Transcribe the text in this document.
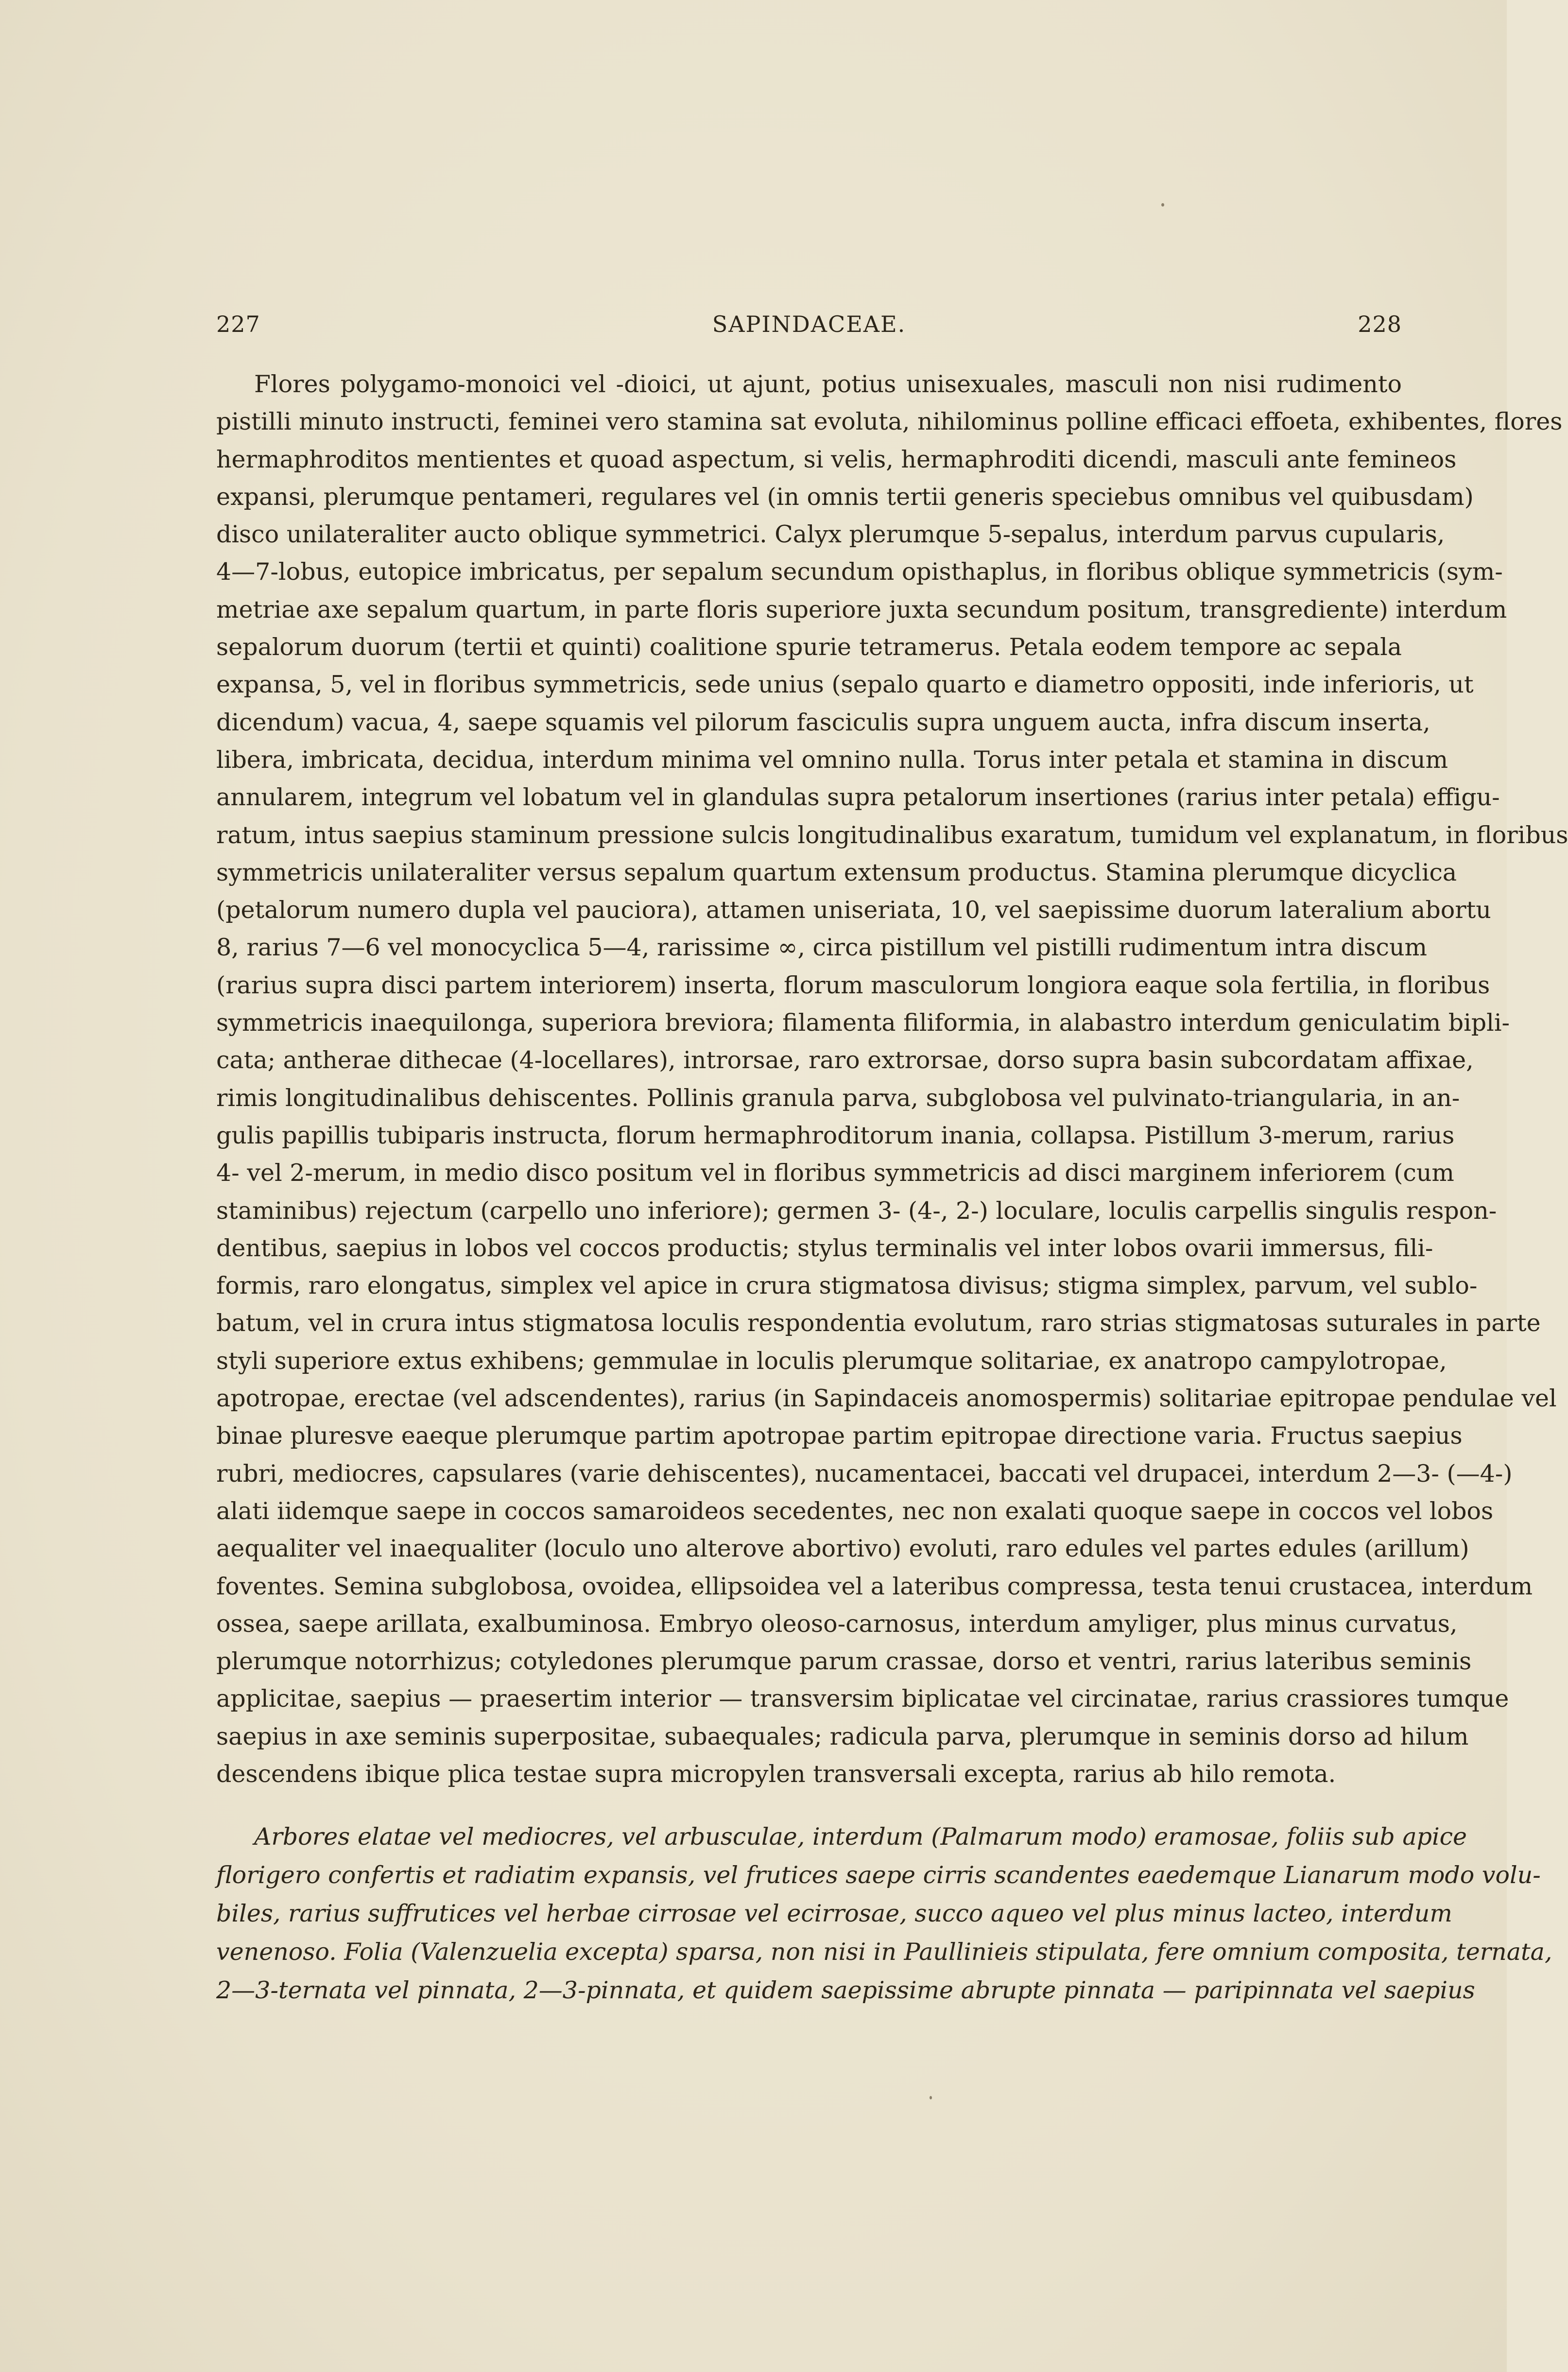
227	SAPINDACEAE.	228
Flores polygamo-monoici vel -dioici, ut ajunt, potius unisexuales, masculi non nisi rudimento
pistilli minuto instructi, feminei vero stamina sat evoluta, nihilominus polline efficaci effoeta, exhibentes, flores
hermaphroditos mentientes et quoad aspectum, si velis, hermaphroditi dicendi, masculi ante femineos
expansi, plerumque pentameri, regulares vel (in omnis tertii generis speciebus omnibus vel quibusdam)
disco unilateraliter aucto oblique symmetrici. Calyx plerumque 5-sepalus, interdum parvus cupularis,
4—7-lobus, eutopice imbricatus, per sepalum secundum opisthaplus, in floribus oblique symmetricis (sym-
metriae axe sepalum quartum, in parte floris superiore juxta secundum positum, transgrediente) interdum
sepalorum duorum (tertii et quinti) coalitione spurie tetramerus. Petala eodem tempore ac sepala
expansa, 5, vel in floribus symmetricis, sede unius (sepalo quarto e diametro oppositi, inde inferioris, ut
dicendum) vacua, 4, saepe squamis vel pilorum fasciculis supra unguem aucta, infra discum inserta,
libera, imbricata, decidua, interdum minima vel omnino nulla. Torus inter petala et stamina in discum
annularem, integrum vel lobatum vel in glandulas supra petalorum insertiones (rarius inter petala) effigu-
ratum, intus saepius staminum pressione sulcis longitudinalibus exaratum, tumidum vel explanatum, in floribus
symmetricis unilateraliter versus sepalum quartum extensum productus. Stamina plerumque dicyclica
(petalorum numero dupla vel pauciora), attamen uniseriata, 10, vel saepissime duorum lateralium abortu
8, rarius 7—6 vel monocyclica 5—4, rarissime ∞, circa pistillum vel pistilli rudimentum intra discum
(rarius supra disci partem interiorem) inserta, florum masculorum longiora eaque sola fertilia, in floribus
symmetricis inaequilonga, superiora breviora; filamenta filiformia, in alabastro interdum geniculatim bipli-
cata; antherae dithecae (4-locellares), introrsae, raro extrorsae, dorso supra basin subcordatam affixae,
rimis longitudinalibus dehiscentes. Pollinis granula parva, subglobosa vel pulvinato-triangularia, in an-
gulis papillis tubiparis instructa, florum hermaphroditorum inania, collapsa. Pistillum 3-merum, rarius
4- vel 2-merum, in medio disco positum vel in floribus symmetricis ad disci marginem inferiorem (cum
staminibus) rejectum (carpello uno inferiore); germen 3- (4-, 2-) loculare, loculis carpellis singulis respon-
dentibus, saepius in lobos vel coccos productis; stylus terminalis vel inter lobos ovarii immersus, fili-
formis, raro elongatus, simplex vel apice in crura stigmatosa divisus; stigma simplex, parvum, vel sublo-
batum, vel in crura intus stigmatosa loculis respondentia evolutum, raro strias stigmatosas suturales in parte
styli superiore extus exhibens; gemmulae in loculis plerumque solitariae, ex anatropo campylotropae,
apotropae, erectae (vel adscendentes), rarius (in Sapindaceis anomospermis) solitariae epitropae pendulae vel
binae pluresve eaeque plerumque partim apotropae partim epitropae directione varia. Fructus saepius
rubri, mediocres, capsulares (varie dehiscentes), nucamentacei, baccati vel drupacei, interdum 2—3- (—4-)
alati iidemque saepe in coccos samaroideos secedentes, nec non exalati quoque saepe in coccos vel lobos
aequaliter vel inaequaliter (loculo uno alterove abortivo) evoluti, raro edules vel partes edules (arillum)
foventes. Semina subglobosa, ovoidea, ellipsoidea vel a lateribus compressa, testa tenui crustacea, interdum
ossea, saepe arillata, exalbuminosa. Embryo oleoso-carnosus, interdum amyliger, plus minus curvatus,
plerumque notorrhizus; cotyledones plerumque parum crassae, dorso et ventri, rarius lateribus seminis
applicitae, saepius — praesertim interior — transversim biplicatae vel circinatae, rarius crassiores tumque
saepius in axe seminis superpositae, subaequales; radicula parva, plerumque in seminis dorso ad hilum
descendens ibique plica testae supra micropylen transversali excepta, rarius ab hilo remota.
Arbores elatae vel mediocres, vel arbusculae, interdum (Palmarum modo) eramosae, foliis sub apice
florigero confertis et radiatim expansis, vel frutices saepe cirris scandentes eaedemque Lianarum modo volu-
biles, rarius suffrutices vel herbae cirrosae vel ecirrosae, succo aqueo vel plus minus lacteo, interdum
venenoso. Folia (Valenzuelia excepta) sparsa, non nisi in Paullinieis stipulata, fere omnium composita, ternata,
2—3-ternata vel pinnata, 2—3-pinnata, et quidem saepissime abrupte pinnata — paripinnata vel saepius
